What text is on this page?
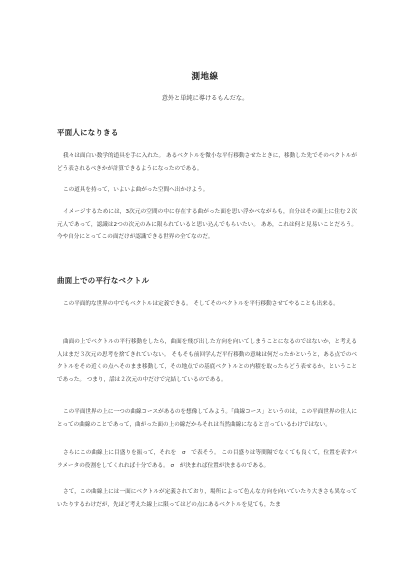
測地線
意外と単純に導けるもんだな。
平面人になりきる
我々は面白い数学的道具を手に入れた。 あるベクトルを微小な平行移動させたときに，移動した先でそのベクトルがどう表されるべきかが計算できるようになったのである。
この道具を持って，いよいよ曲がった空間へ出かけよう。
イメージするためには，3次元の空間の中に存在する曲がった面を思い浮かべながらも，自分はその面上に住む２次元人であって，認識は2つの次元のみに限られていると思い込んでもらいたい。 ああ，これは何と見易いことだろう。 今や自分にとってこの面だけが認識できる世界の全てなのだ。
曲面上での平行なベクトル
この平面的な世界の中でもベクトルは定義できる。 そしてそのベクトルを平行移動させてやることも出来る。
曲面の上でベクトルの平行移動をしたら，曲面を飛び出した方向を向いてしまうことになるのではないか，と考える人はまだ３次元の思考を捨てきれていない。 そもそも前回学んだ平行移動の意味は何だったかというと，ある点でのベクトルをその近くの点へそのまま移動して，その地点での基底ベクトルとの内積を取ったらどう表せるか，ということであった。 つまり，話は２次元の中だけで完結しているのである。
この平面世界の上に一つの曲線コースがあるのを想像してみよう。「曲線コース」というのは，この平面世界の住人にとっての曲線のことであって，曲がった面の上の線だからそれは当然曲線になると言っているわけではない。
さらにこの曲線上に目盛りを振って，それを　σ　で表そう。 この目盛りは等間隔でなくても良くて，位置を表すパラメータの役割をしてくれれば十分である。 σ　が決まれば位置が決まるのである。
さて，この曲線上には一面にベクトルが定義されており，場所によって色んな方向を向いていたり大きさも異なっていたりするわけだが，先ほど考えた線上に限ってはどの点にあるベクトルを見ても，たま
